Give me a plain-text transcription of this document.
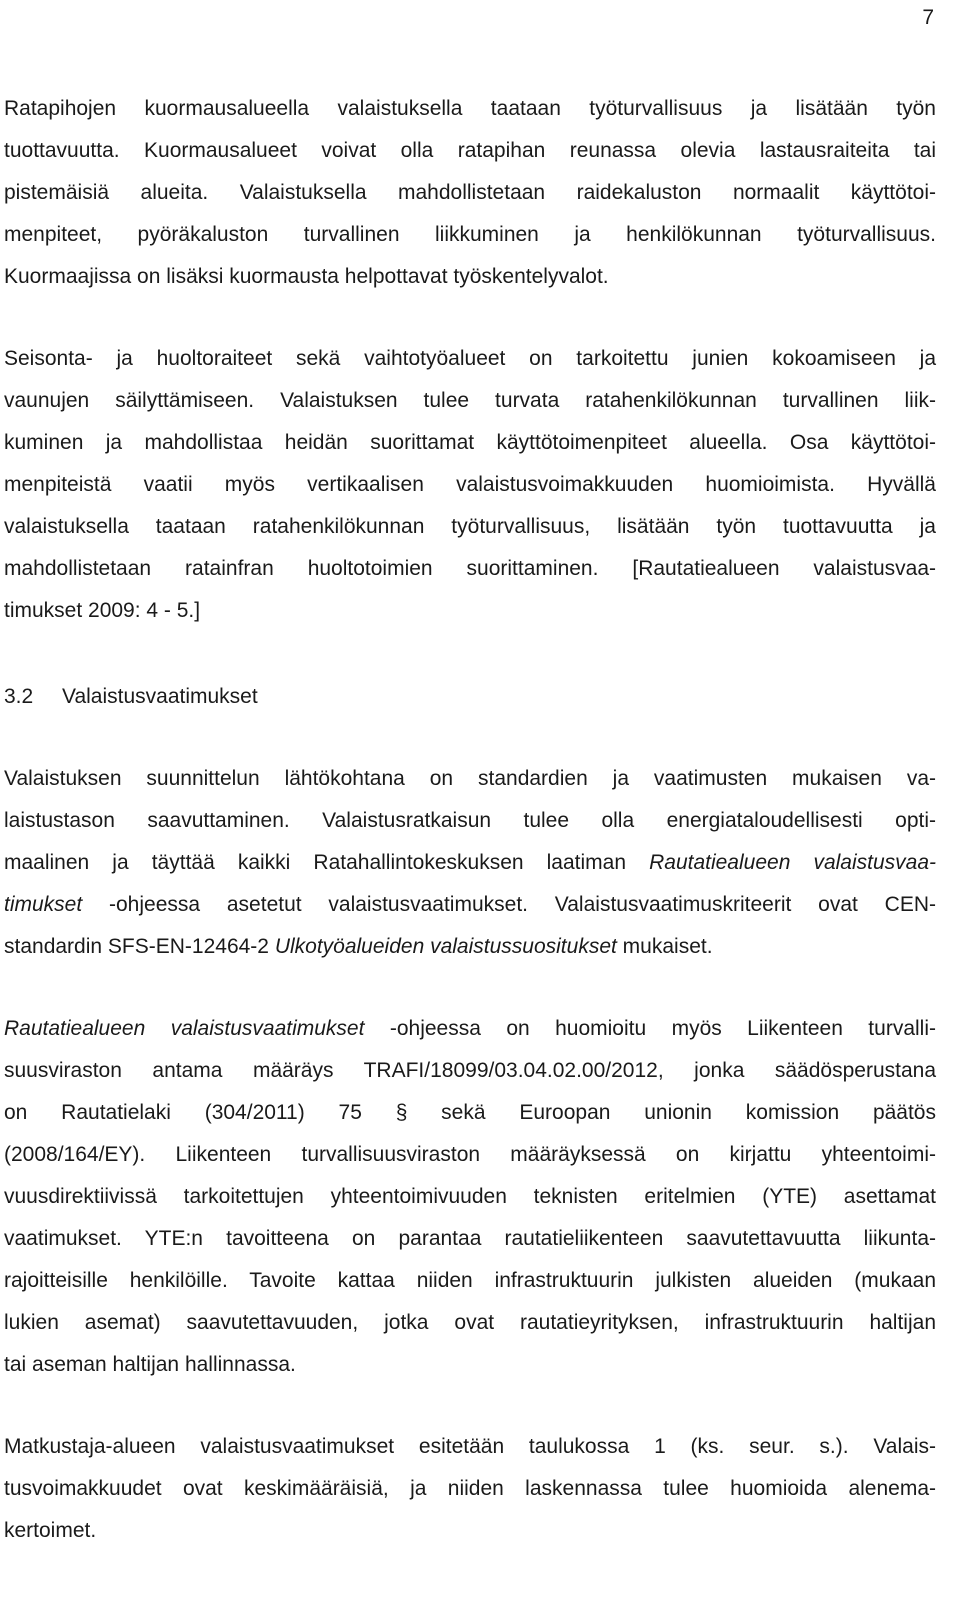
7

Ratapihojen kuormausalueella valaistuksella taataan työturvallisuus ja lisätään työn
tuottavuutta. Kuormausalueet voivat olla ratapihan reunassa olevia lastausraiteita tai
pistemäisiä alueita. Valaistuksella mahdollistetaan raidekaluston normaalit käyttötoi-
menpiteet, pyöräkaluston turvallinen liikkuminen ja henkilökunnan työturvallisuus.
Kuormaajissa on lisäksi kuormausta helpottavat työskentelyvalot.

Seisonta- ja huoltoraiteet sekä vaihtotyöalueet on tarkoitettu junien kokoamiseen ja
vaunujen säilyttämiseen. Valaistuksen tulee turvata ratahenkilökunnan turvallinen liik-
kuminen ja mahdollistaa heidän suorittamat käyttötoimenpiteet alueella. Osa käyttötoi-
menpiteistä vaatii myös vertikaalisen valaistusvoimakkuuden huomioimista. Hyvällä
valaistuksella taataan ratahenkilökunnan työturvallisuus, lisätään työn tuottavuutta ja
mahdollistetaan ratainfran huoltotoimien suorittaminen. [Rautatiealueen valaistusvaa-
timukset 2009: 4 - 5.]

3.2 Valaistusvaatimukset

Valaistuksen suunnittelun lähtökohtana on standardien ja vaatimusten mukaisen va-
laistustason saavuttaminen. Valaistusratkaisun tulee olla energiataloudellisesti opti-
maalinen ja täyttää kaikki Ratahallintokeskuksen laatiman Rautatiealueen valaistusvaa-
timukset -ohjeessa asetetut valaistusvaatimukset. Valaistusvaatimuskriteerit ovat CEN-
standardin SFS-EN-12464-2 Ulkotyöalueiden valaistussuositukset mukaiset.

Rautatiealueen valaistusvaatimukset -ohjeessa on huomioitu myös Liikenteen turvalli-
suusviraston antama määräys TRAFI/18099/03.04.02.00/2012, jonka säädösperustana
on Rautatielaki (304/2011) 75 § sekä Euroopan unionin komission päätös
(2008/164/EY). Liikenteen turvallisuusviraston määräyksessä on kirjattu yhteentoimi-
vuusdirektiivissä tarkoitettujen yhteentoimivuuden teknisten eritelmien (YTE) asettamat
vaatimukset. YTE:n tavoitteena on parantaa rautatieliikenteen saavutettavuutta liikunta-
rajoitteisille henkilöille. Tavoite kattaa niiden infrastruktuurin julkisten alueiden (mukaan
lukien asemat) saavutettavuuden, jotka ovat rautatieyrityksen, infrastruktuurin haltijan
tai aseman haltijan hallinnassa.

Matkustaja-alueen valaistusvaatimukset esitetään taulukossa 1 (ks. seur. s.). Valais-
tusvoimakkuudet ovat keskimääräisiä, ja niiden laskennassa tulee huomioida alenema-
kertoimet.
